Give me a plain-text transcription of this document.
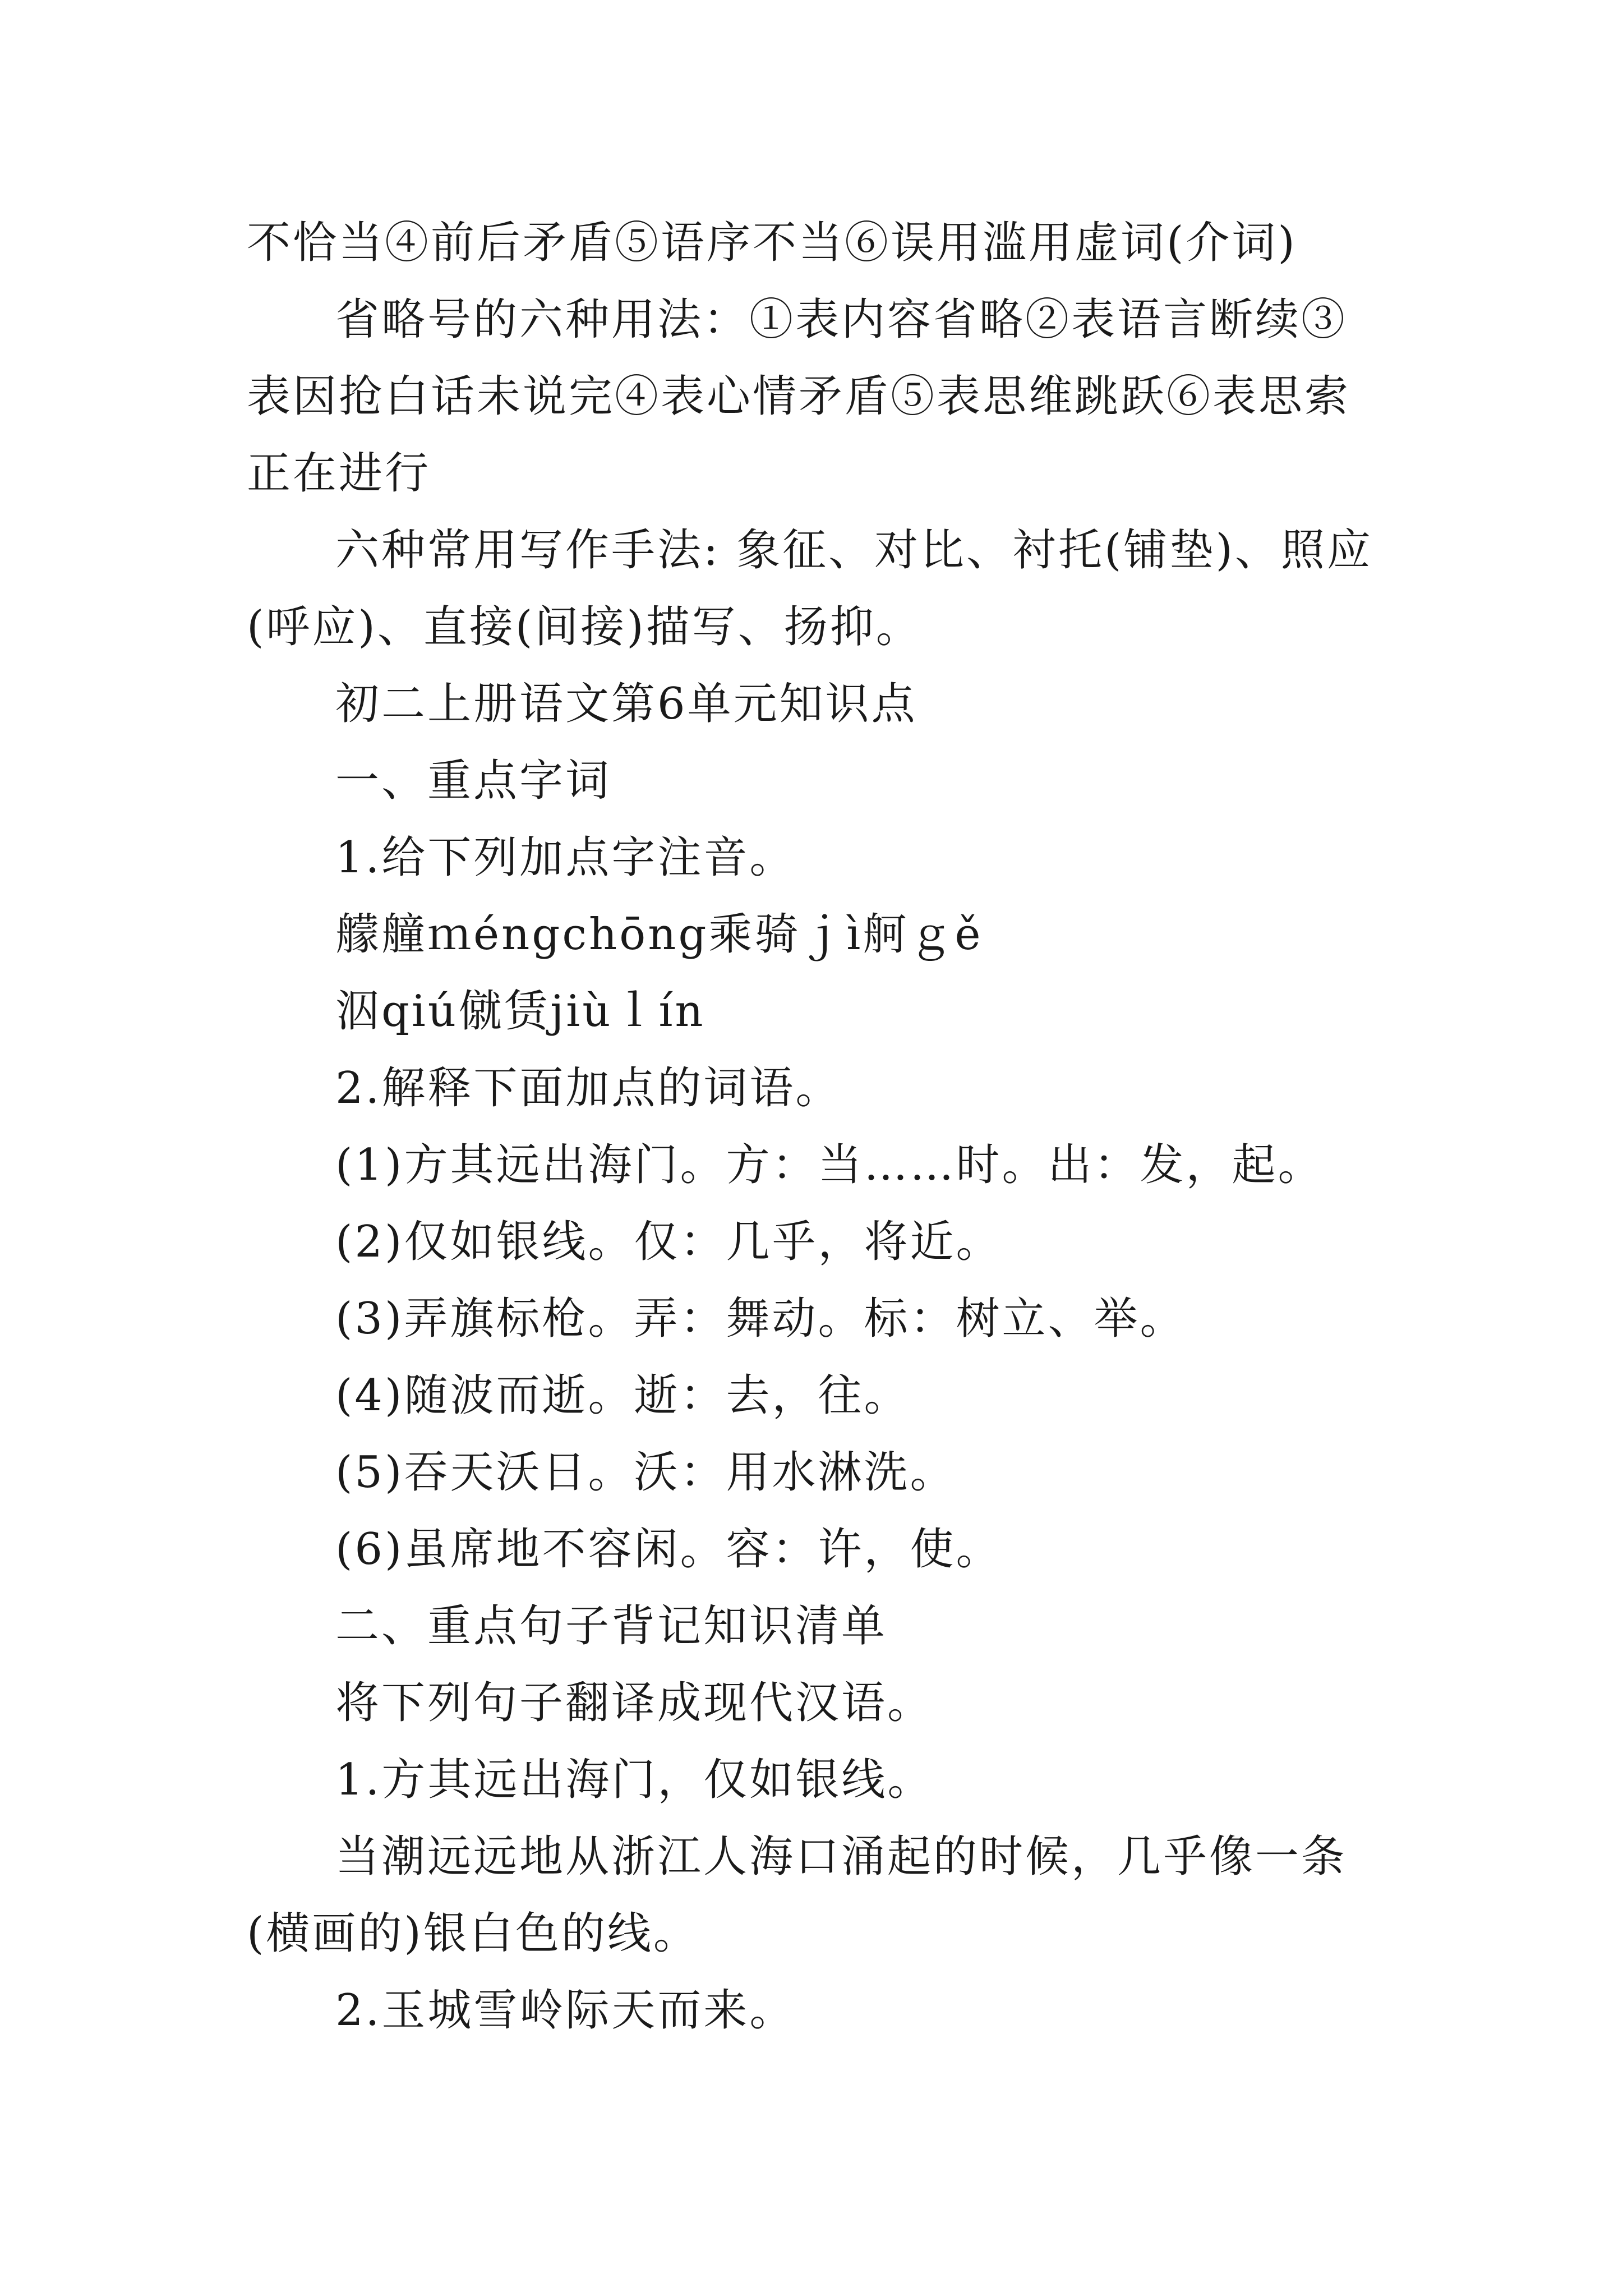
不恰当④前后矛盾⑤语序不当⑥误用滥用虚词(介词)

省略号的六种用法：①表内容省略②表语言断续③表因抢白话未说完④表心情矛盾⑤表思维跳跃⑥表思索正在进行

六种常用写作手法: 象征、对比、衬托(铺垫)、照应(呼应)、直接(间接)描写、扬抑。

初二上册语文第6单元知识点

一、重点字词

1.给下列加点字注音。

艨艟ｍéngchōng乘骑ｊì舸ｇě

泅qiú僦赁jiùｌín

2.解释下面加点的词语。

(1)方其远出海门。方：当……时。出：发，起。

(2)仅如银线。仅：几乎，将近。

(3)弄旗标枪。弄：舞动。标：树立、举。

(4)随波而逝。逝：去，往。

(5)吞天沃日。沃：用水淋洗。

(6)虽席地不容闲。容：许，使。

二、重点句子背记知识清单

将下列句子翻译成现代汉语。

1.方其远出海门，仅如银线。

当潮远远地从浙江人海口涌起的时候，几乎像一条(横画的)银白色的线。

2.玉城雪岭际天而来。
